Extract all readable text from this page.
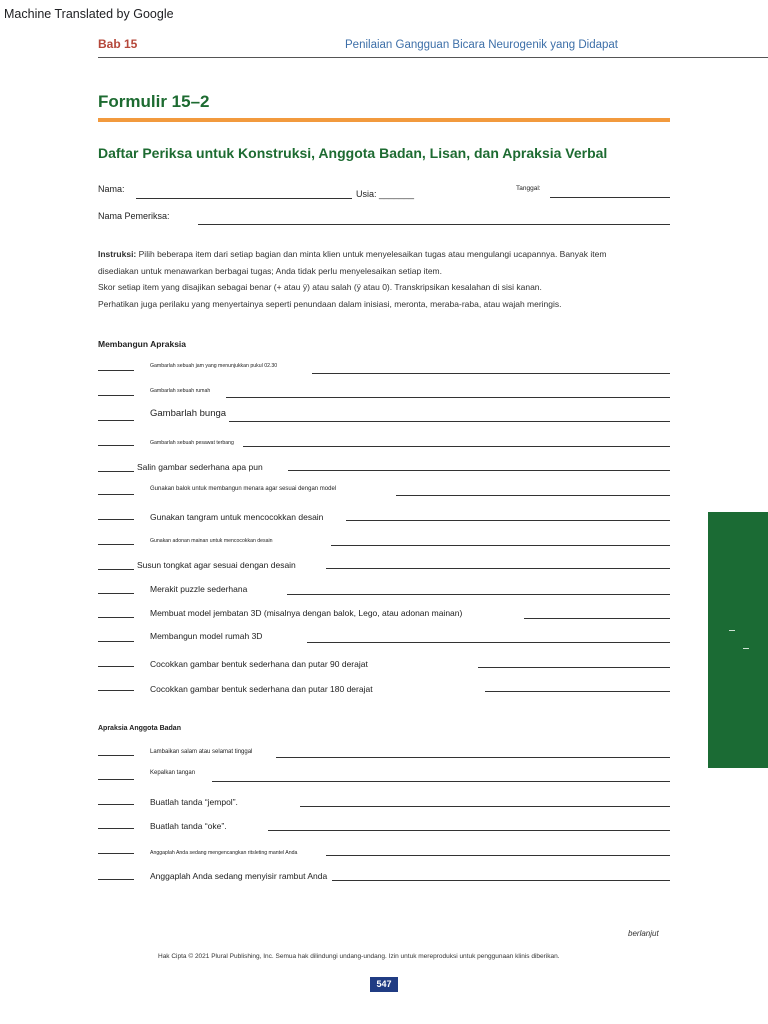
Machine Translated by Google
Bab 15	Penilaian Gangguan Bicara Neurogenik yang Didapat
Formulir 15–2
Daftar Periksa untuk Konstruksi, Anggota Badan, Lisan, dan Apraksia Verbal
Nama:	Usia: _______
Tanggal:
Nama Pemeriksa:
Instruksi: Pilih beberapa item dari setiap bagian dan minta klien untuk menyelesaikan tugas atau mengulangi ucapannya. Banyak item
disediakan untuk menawarkan berbagai tugas; Anda tidak perlu menyelesaikan setiap item.
Skor setiap item yang disajikan sebagai benar (+ atau ÿ) atau salah (ÿ atau 0). Transkripsikan kesalahan di sisi kanan.
Perhatikan juga perilaku yang menyertainya seperti penundaan dalam inisiasi, meronta, meraba-raba, atau wajah meringis.
Membangun Apraksia
Gambarlah sebuah jam yang menunjukkan pukul 02.30
Gambarlah sebuah rumah
Gambarlah bunga
Gambarlah sebuah pesawat terbang
Salin gambar sederhana apa pun
Gunakan balok untuk membangun menara agar sesuai dengan model
Gunakan tangram untuk mencocokkan desain
Gunakan adonan mainan untuk mencocokkan desain
Susun tongkat agar sesuai dengan desain
Merakit puzzle sederhana
Membuat model jembatan 3D (misalnya dengan balok, Lego, atau adonan mainan)
Membangun model rumah 3D
Cocokkan gambar bentuk sederhana dan putar 90 derajat
Cocokkan gambar bentuk sederhana dan putar 180 derajat
Apraksia Anggota Badan
Lambaikan salam atau selamat tinggal
Kepalkan tangan
Buatlah tanda “jempol”.
Buatlah tanda “oke”.
Anggaplah Anda sedang mengencangkan ritsleting mantel Anda
Anggaplah Anda sedang menyisir rambut Anda
berlanjut
Hak Cipta © 2021 Plural Publishing, Inc. Semua hak dilindungi undang-undang. Izin untuk mereproduksi untuk penggunaan klinis diberikan.
547
